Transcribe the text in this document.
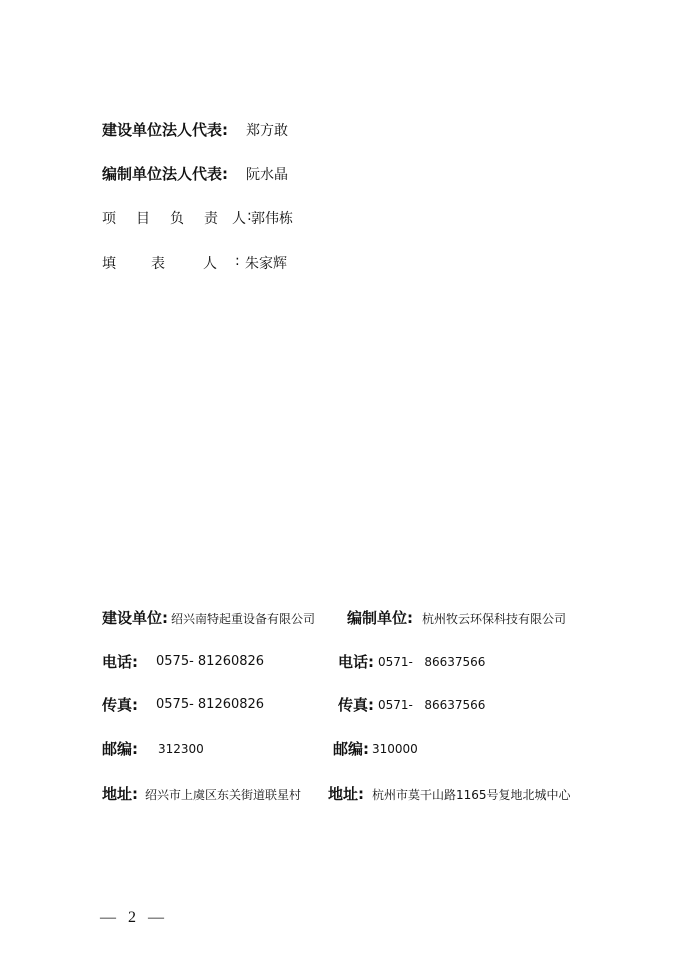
建设单位法人代表: 郑方敢
编制单位法人代表: 阮水晶
项 目 负 责 人 : 郭伟栋
填	表	人 : 朱家辉
建设单位: 绍兴南特起重设备有限公司 编制单位: 杭州牧云环保科技有限公司
电话: 0575- 81260826	电话: 0571-   86637566
传真: 0575- 81260826	传真: 0571-   86637566
邮编: 312300	邮编: 310000
地址: 绍兴市上虞区东关街道联星村 地址: 杭州市莫干山路1165号复地北城中心
— 2 —
